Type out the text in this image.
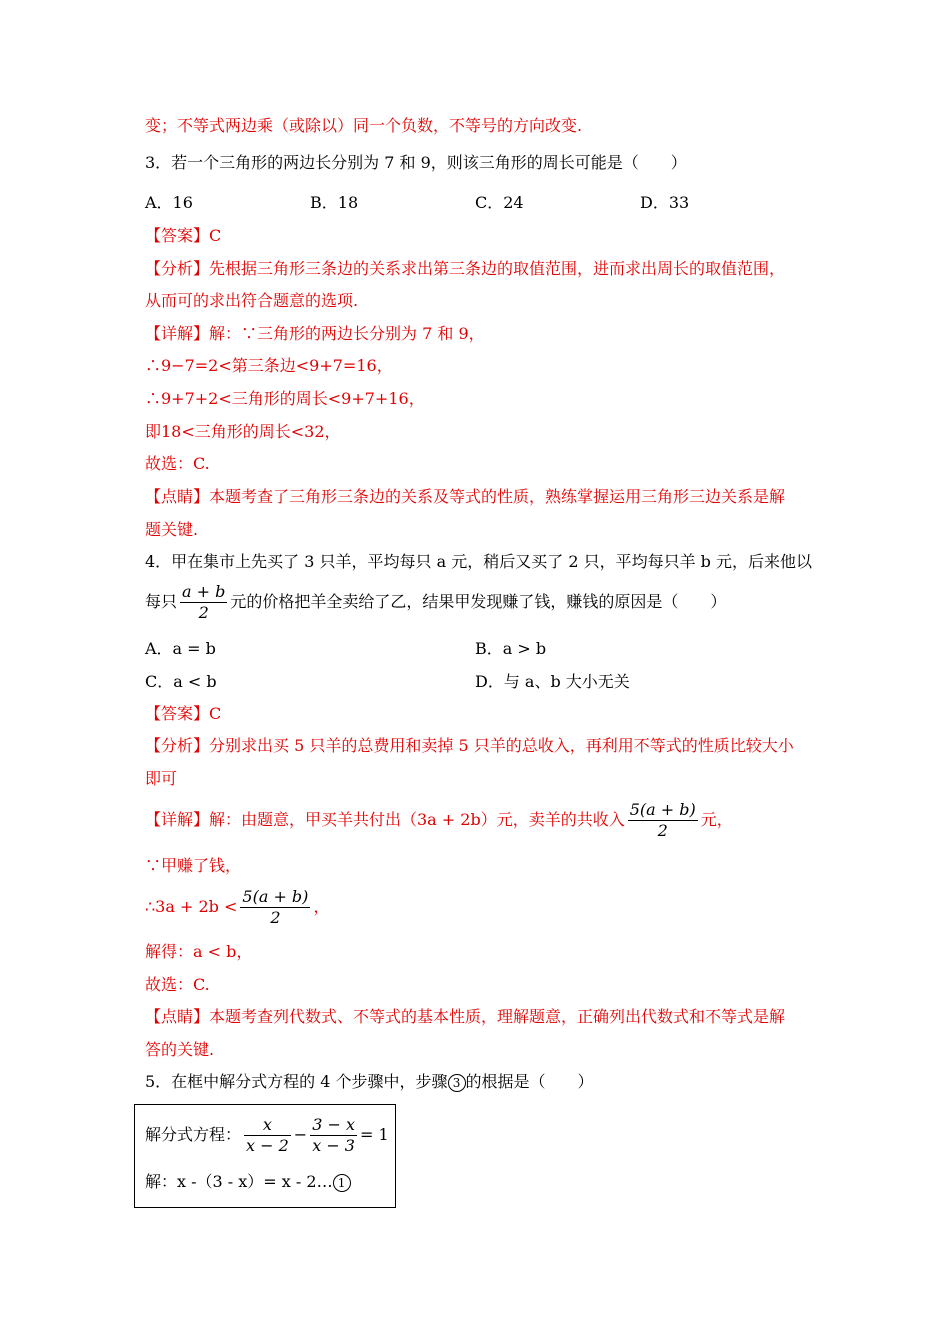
变；不等式两边乘（或除以）同一个负数，不等号的方向改变.
3．若一个三角形的两边长分别为 7 和 9，则该三角形的周长可能是（　　）
A．16	B．18	C．24	D．33
【答案】C
【分析】先根据三角形三条边的关系求出第三条边的取值范围，进而求出周长的取值范围，
从而可的求出符合题意的选项.
【详解】解：∵三角形的两边长分别为 7 和 9，
∴9−7=2<第三条边<9+7=16，
∴9+7+2<三角形的周长<9+7+16，
即18<三角形的周长<32，
故选：C.
【点睛】本题考查了三角形三条边的关系及等式的性质，熟练掌握运用三角形三边关系是解
题关键.
4．甲在集市上先买了 3 只羊，平均每只 a 元，稍后又买了 2 只，平均每只羊 b 元，后来他以
每只 $\frac{a + b}{2}$ 元的价格把羊全卖给了乙，结果甲发现赚了钱，赚钱的原因是（　　）
A．a = b	B．a > b
C．a < b	D．与 a、b 大小无关
【答案】C
【分析】分别求出买 5 只羊的总费用和卖掉 5 只羊的总收入，再利用不等式的性质比较大小
即可
【详解】解：由题意，甲买羊共付出（3a + 2b）元，卖羊的共收入 $\frac{5(a + b)}{2}$ 元，
∵甲赚了钱，
∴3a + $2b < \frac{5(a + b)}{2}$ ，
解得：a < b，
故选：C.
【点睛】本题考查列代数式、不等式的基本性质，理解题意，正确列出代数式和不等式是解
答的关键.
5．在框中解分式方程的 4 个步骤中，步骤 3 的根据是（　　）
解分式方程： $\frac{x}{x - 2} - \frac{3 - x}{x - 3} = 1$
解：x -（3 - x）= x - 2… 1
